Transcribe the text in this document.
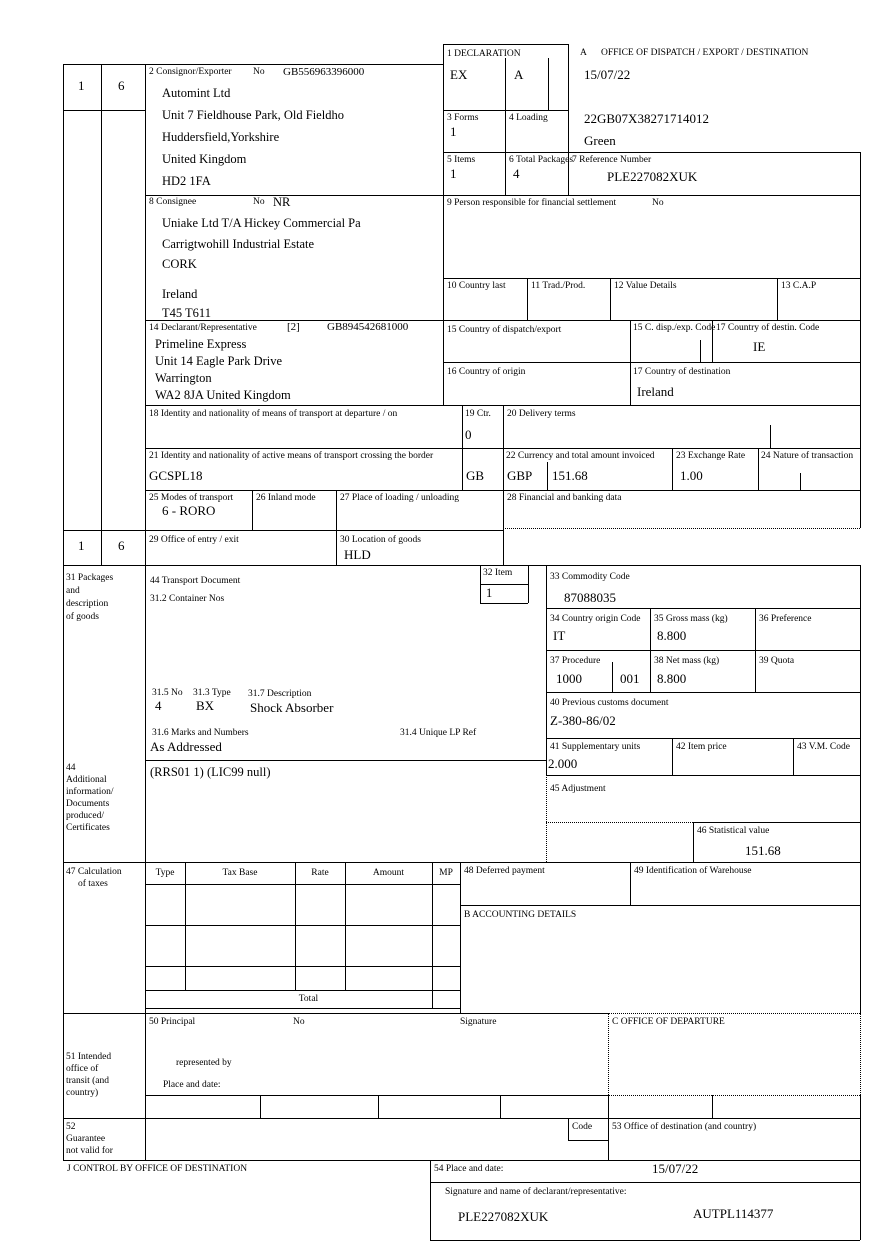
1	6
1	6
1 DECLARATION
EX	A
A OFFICE OF DISPATCH / EXPORT / DESTINATION
15/07/22
22GB07X38271714012
Green
2 Consignor/Exporter No GB556963396000
Automint Ltd
Unit 7 Fieldhouse Park, Old Fieldho
Huddersfield,Yorkshire
United Kingdom
HD2 1FA
3 Forms
1
4 Loading
5 Items
1
6 Total Packages
4
7 Reference Number
PLE227082XUK
8 Consignee	No NR
Uniake Ltd T/A Hickey Commercial Pa
Carrigtwohill Industrial Estate
CORK
Ireland
T45 T611
9 Person responsible for financial settlement	No
10 Country last	11 Trad./Prod.	12 Value Details	13 C.A.P
14 Declarant/Representative	[2] GB894542681000
Primeline Express
Unit 14 Eagle Park Drive
Warrington
WA2 8JA United Kingdom
15 Country of dispatch/export	15 C. disp./exp. Code 17 Country of destin. Code
IE
16 Country of origin	17 Country of destination
Ireland
18 Identity and nationality of means of transport at departure / on	19 Ctr.
0
20 Delivery terms
21 Identity and nationality of active means of transport crossing the border
GCSPL18	GB
22 Currency and total amount invoiced
GBP 151.68
23 Exchange Rate
1.00
24 Nature of transaction
25 Modes of transport
6 - RORO
26 Inland mode	27 Place of loading / unloading	28 Financial and banking data
29 Office of entry / exit	30 Location of goods
HLD
31 Packages
and
description
of goods
44 Transport Document
31.2 Container Nos
32 Item
1
33 Commodity Code
87088035
34 Country origin Code
IT
35 Gross mass (kg)
8.800
36 Preference
37 Procedure
1000	001
38 Net mass (kg)
8.800
39 Quota
40 Previous customs document
Z-380-86/02
41 Supplementary units
2.000
42 Item price	43 V.M. Code
45 Adjustment
46 Statistical value
151.68
31.5 No
4
31.3 Type
BX
31.7 Description
Shock Absorber
31.6 Marks and Numbers
As Addressed
31.4 Unique LP Ref
44
Additional
information/
Documents
produced/
Certificates
(RRS01 1) (LIC99 null)
47 Calculation
of taxes
Type	Tax Base	Rate	Amount	MP
Total
48 Deferred payment	49 Identification of Warehouse
B ACCOUNTING DETAILS
50 Principal	No	Signature	C OFFICE OF DEPARTURE
represented by
Place and date:
51 Intended
office of
transit (and
country)
52
Guarantee
not valid for
Code 53 Office of destination (and country)
J CONTROL BY OFFICE OF DESTINATION	54 Place and date:	15/07/22
Signature and name of declarant/representative:
PLE227082XUK	AUTPL114377
